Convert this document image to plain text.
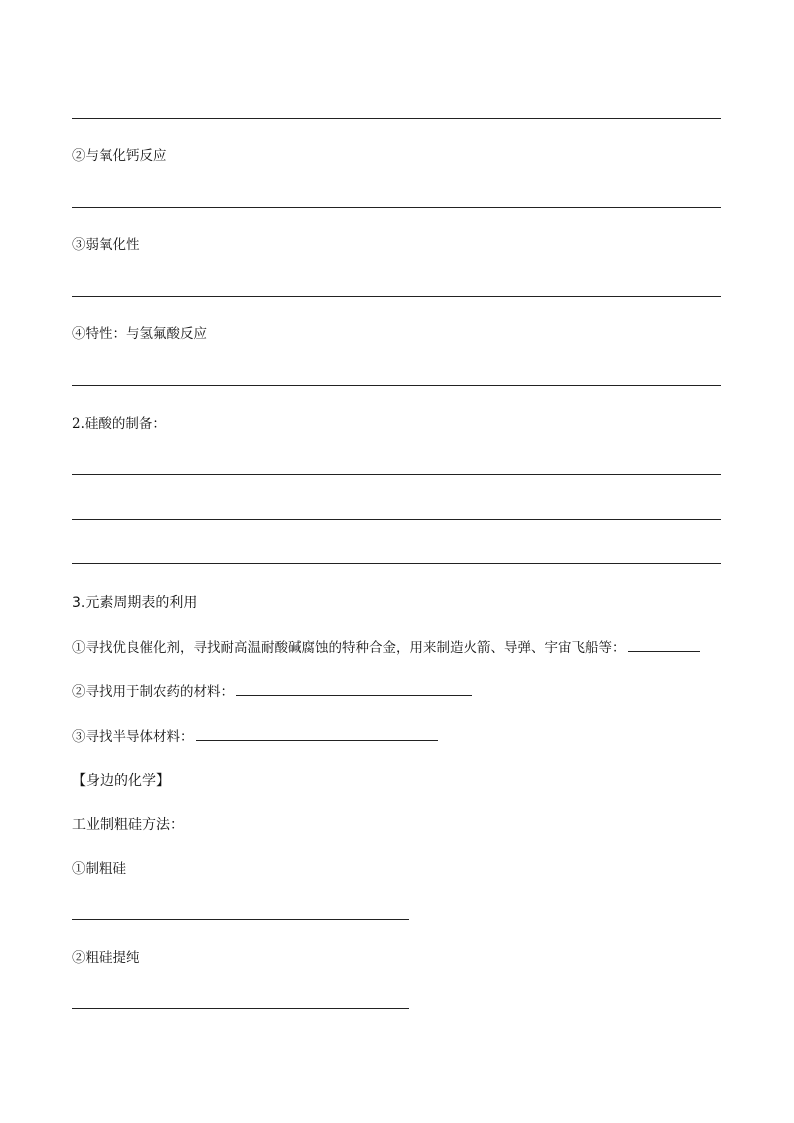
②与氧化钙反应
③弱氧化性
④特性：与氢氟酸反应
2.硅酸的制备：
3.元素周期表的利用
①寻找优良催化剂，寻找耐高温耐酸碱腐蚀的特种合金，用来制造火箭、导弹、宇宙飞船等：
②寻找用于制农药的材料：
③寻找半导体材料：
【身边的化学】
工业制粗硅方法：
①制粗硅
②粗硅提纯
